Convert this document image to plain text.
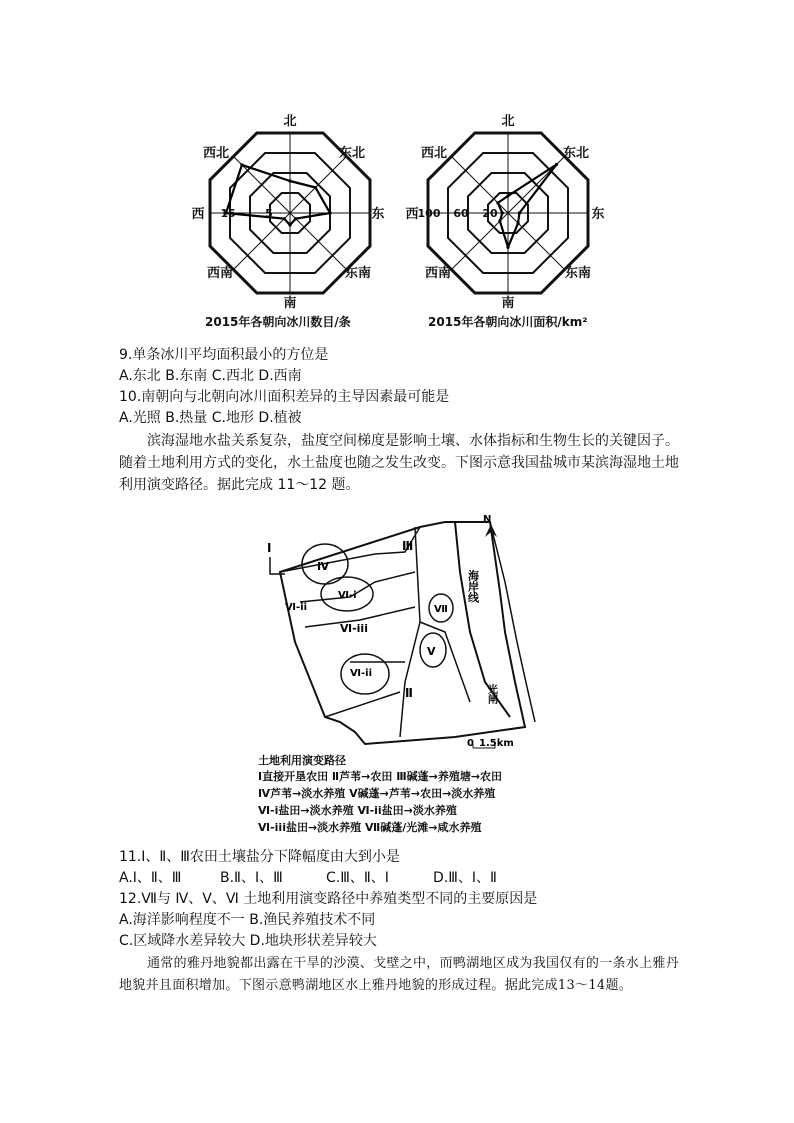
北
东北
东
东南
南
西南
西
西北
5
15
2015年各朝向冰川数目/条
北
东北
东
东南
南
西南
西
西北
20
60
100
2015年各朝向冰川面积/km²
9.单条冰川平均面积最小的方位是
A.东北 B.东南 C.西北 D.西南
10.南朝向与北朝向冰川面积差异的主导因素最可能是
A.光照 B.热量 C.地形 D.植被
滨海湿地水盐关系复杂，盐度空间梯度是影响土壤、水体指标和生物生长的关键因子。随着土地利用方式的变化，水土盐度也随之发生改变。下图示意我国盐城市某滨海湿地土地利用演变路径。据此完成 11～12 题。
N
Ⅰ	Ⅲ
Ⅳ
Ⅵ-i
Ⅵ-ii
Ⅵ-iii
Ⅵ-ii
Ⅶ
Ⅴ
Ⅱ
海岸线
光闸
0 1.5km
土地利用演变路径
Ⅰ直接开垦农田 Ⅱ芦苇→农田 Ⅲ碱蓬→养殖塘→农田
Ⅳ芦苇→淡水养殖 Ⅴ碱蓬→芦苇→农田→淡水养殖
Ⅵ-i盐田→淡水养殖 Ⅵ-ii盐田→淡水养殖
Ⅵ-iii盐田→淡水养殖 Ⅶ碱蓬/光滩→咸水养殖
11.Ⅰ、Ⅱ、Ⅲ农田土壤盐分下降幅度由大到小是
A.Ⅰ、Ⅱ、Ⅲ	B.Ⅱ、Ⅰ、Ⅲ	C.Ⅲ、Ⅱ、Ⅰ	D.Ⅲ、Ⅰ、Ⅱ
12.Ⅶ与 Ⅳ、Ⅴ、Ⅵ 土地利用演变路径中养殖类型不同的主要原因是
A.海洋影响程度不一 B.渔民养殖技术不同
C.区域降水差异较大 D.地块形状差异较大
通常的雅丹地貌都出露在干旱的沙漠、戈壁之中，而鸭湖地区成为我国仅有的一条水上雅丹地貌并且面积增加。下图示意鸭湖地区水上雅丹地貌的形成过程。据此完成13～14题。
